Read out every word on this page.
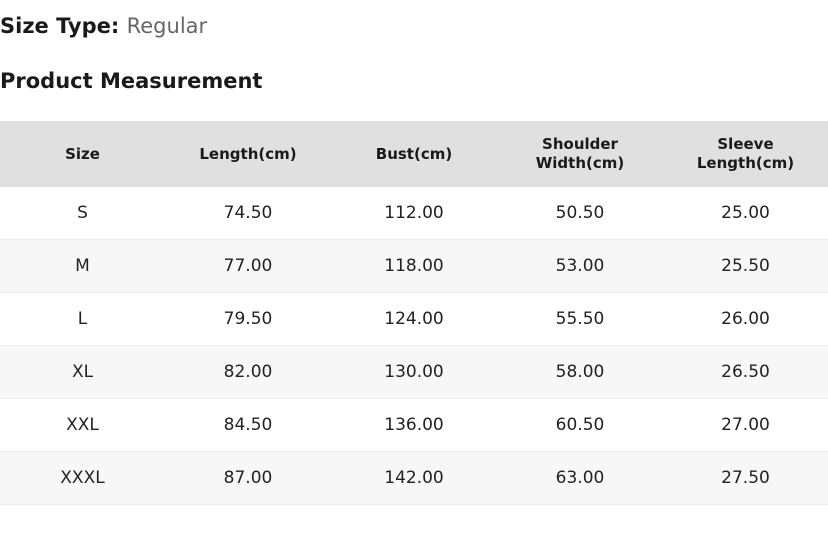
Size Type: Regular
Product Measurement
Size	Length(cm)	Bust(cm)	Shoulder Width(cm)	Sleeve Length(cm)
S	74.50	112.00	50.50	25.00
M	77.00	118.00	53.00	25.50
L	79.50	124.00	55.50	26.00
XL	82.00	130.00	58.00	26.50
XXL	84.50	136.00	60.50	27.00
XXXL	87.00	142.00	63.00	27.50
